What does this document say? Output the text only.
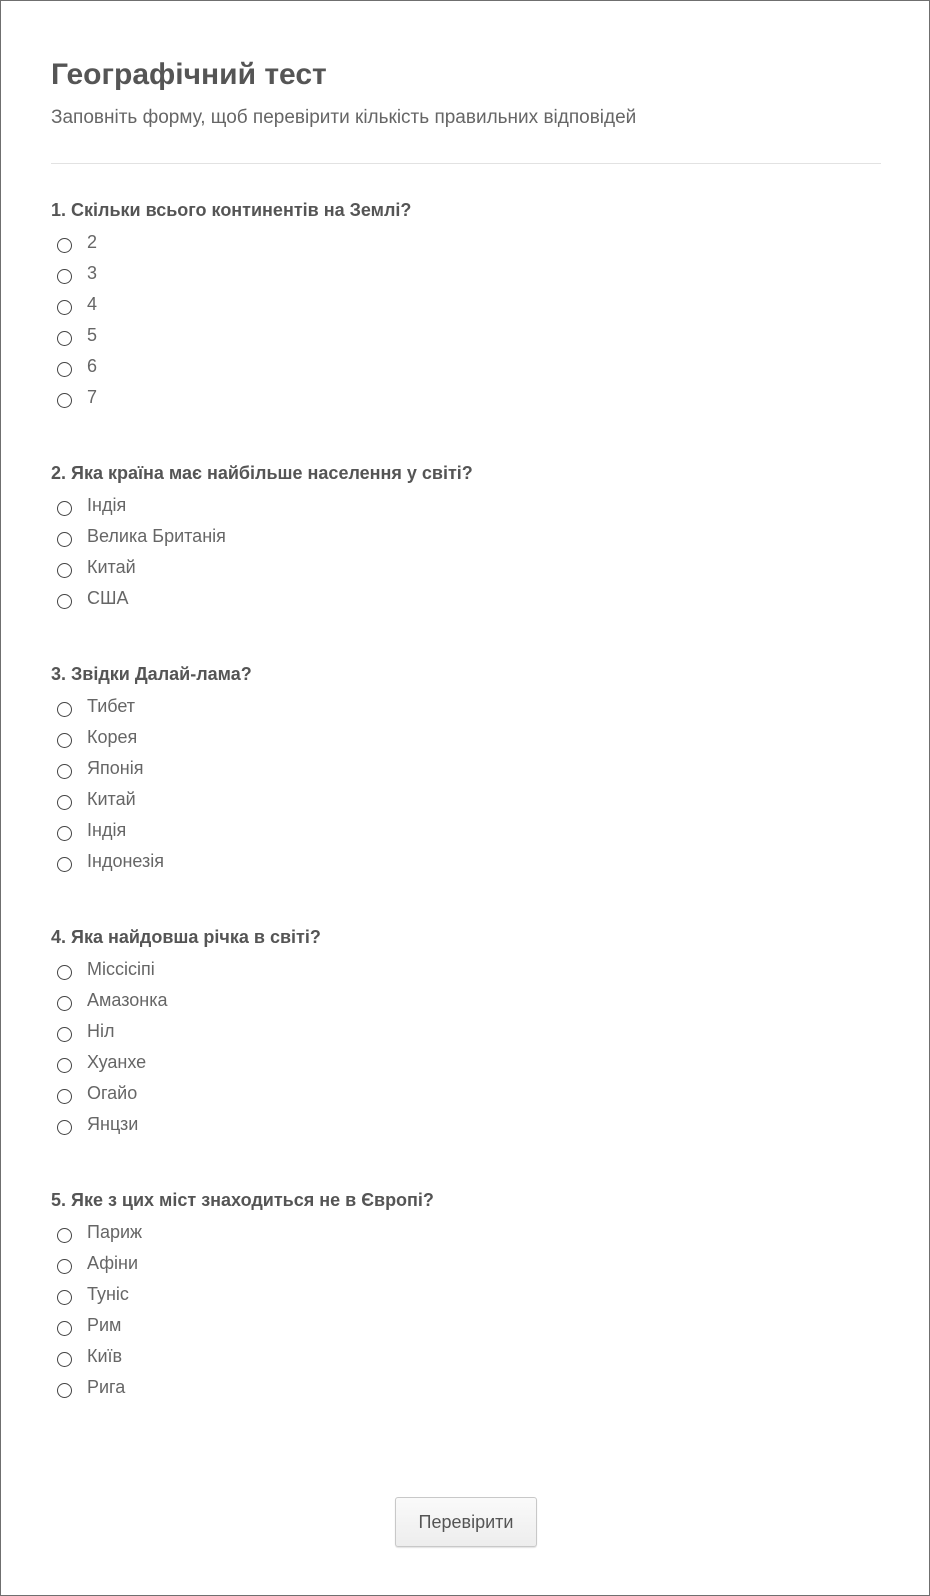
Географічний тест

Заповніть форму, щоб перевірити кількість правильних відповідей

1. Скільки всього континентів на Землі?
2
3
4
5
6
7
2. Яка країна має найбільше населення у світі?
Індія
Велика Британія
Китай
США
3. Звідки Далай-лама?
Тибет
Корея
Японія
Китай
Індія
Індонезія
4. Яка найдовша річка в світі?
Міссісіпі
Амазонка
Ніл
Хуанхе
Огайо
Янцзи
5. Яке з цих міст знаходиться не в Європі?
Париж
Афіни
Туніс
Рим
Київ
Рига
Перевірити
